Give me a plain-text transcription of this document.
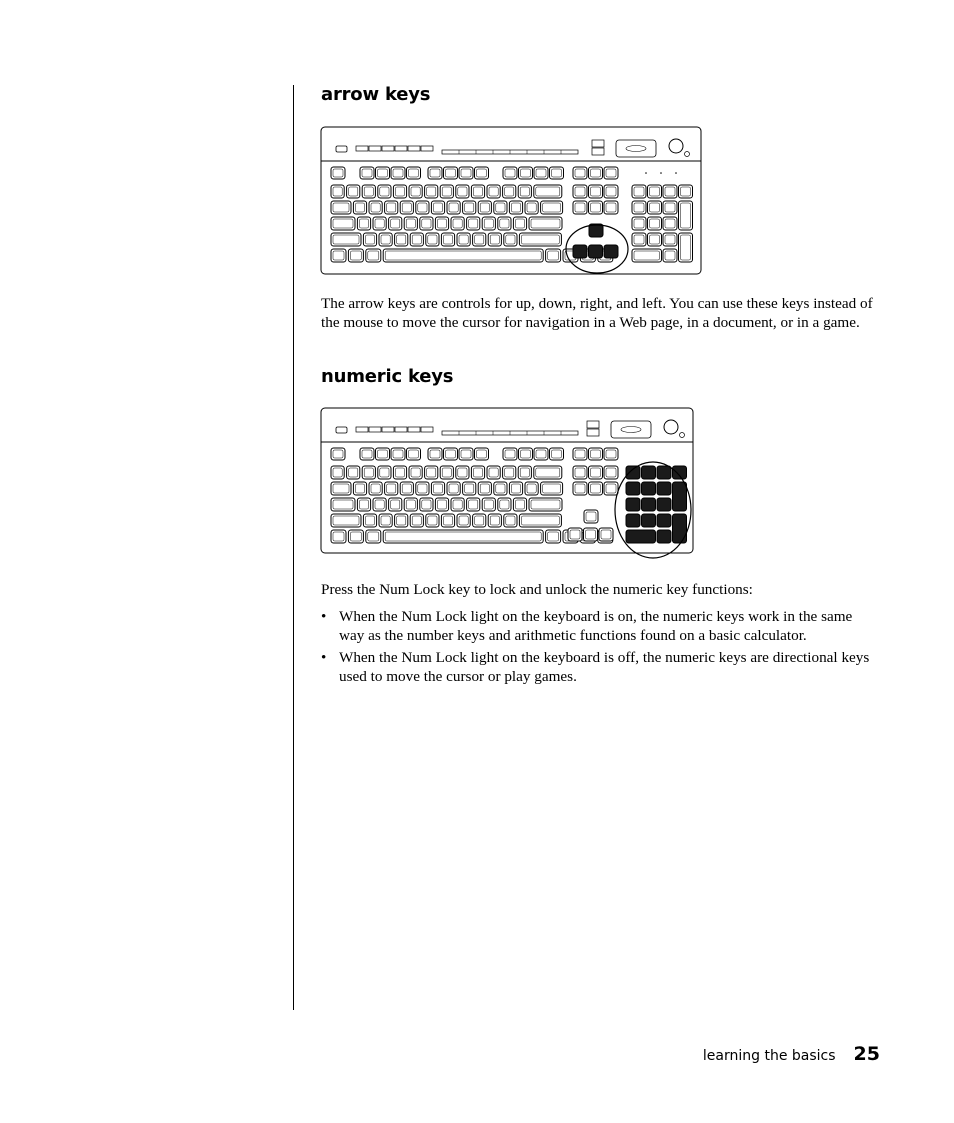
arrow keys

The arrow keys are controls for up, down, right, and left. You can use these keys instead of the mouse to move the cursor for navigation in a Web page, in a document, or in a game.

numeric keys

Press the Num Lock key to lock and unlock the numeric key functions:

• When the Num Lock light on the keyboard is on, the numeric keys work in the same way as the number keys and arithmetic functions found on a basic calculator.
• When the Num Lock light on the keyboard is off, the numeric keys are directional keys used to move the cursor or play games.
learning the basics 25
